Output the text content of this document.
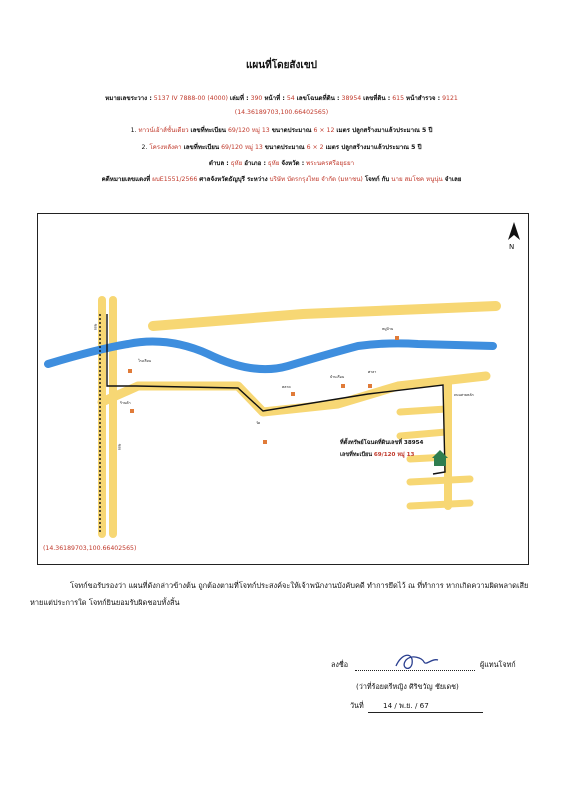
แผนที่โดยสังเขป
หมายเลขระวาง : 5137 IV 7888-00 (4000) เล่มที่ : 390 หน้าที่ : 54 เลขโฉนดที่ดิน : 38954 เลขที่ดิน : 615 หน้าสำรวจ : 9121
(14.36189703,100.66402565)
1. ทาวน์เฮ้าส์ชั้นเดียว เลขที่ทะเบียน 69/120 หมู่ 13 ขนาดประมาณ 6 × 12 เมตร ปลูกสร้างมาแล้วประมาณ 5 ปี
2. โครงหลังคา เลขที่ทะเบียน 69/120 หมู่ 13 ขนาดประมาณ 6 × 2 เมตร ปลูกสร้างมาแล้วประมาณ 5 ปี
ตำบล : ธุหัย อำเภอ : ธุหัย จังหวัด : พระนครศรีอยุธยา
คดีหมายเลขแดงที่ ผบE1551/2566 ศาลจังหวัดธัญบุรี ระหว่าง บริษัท บัตรกรุงไทย จำกัด (มหาชน) โจทก์ กับ นาย สมโชค หนูนุ่น จำเลย
N
คลอง
ซอย
ซอย
โรงเรียน
ร้านค้า
วัด
ตลาด
บ้านเรือน
ศาลา
หมู่บ้าน
ถนนสายหลัก
ที่ตั้งทรัพย์โฉนดที่ดินเลขที่ 38954
เลขที่ทะเบียน 69/120 หมู่ 13
(14.36189703,100.66402565)
โจทก์ขอรับรองว่า แผนที่ดังกล่าวข้างต้น ถูกต้องตามที่โจทก์ประสงค์จะให้เจ้าพนักงานบังคับคดี ทำการยึดไว้ ณ ที่ทำการ หากเกิดความผิดพลาดเสียหายแต่ประการใด โจทก์ยินยอมรับผิดชอบทั้งสิ้น
ลงชื่อ	ผู้แทนโจทก์
(ว่าที่ร้อยตรีหญิง ศิริขวัญ ชัยเดช)
วันที่	14 / พ.ย. / 67
